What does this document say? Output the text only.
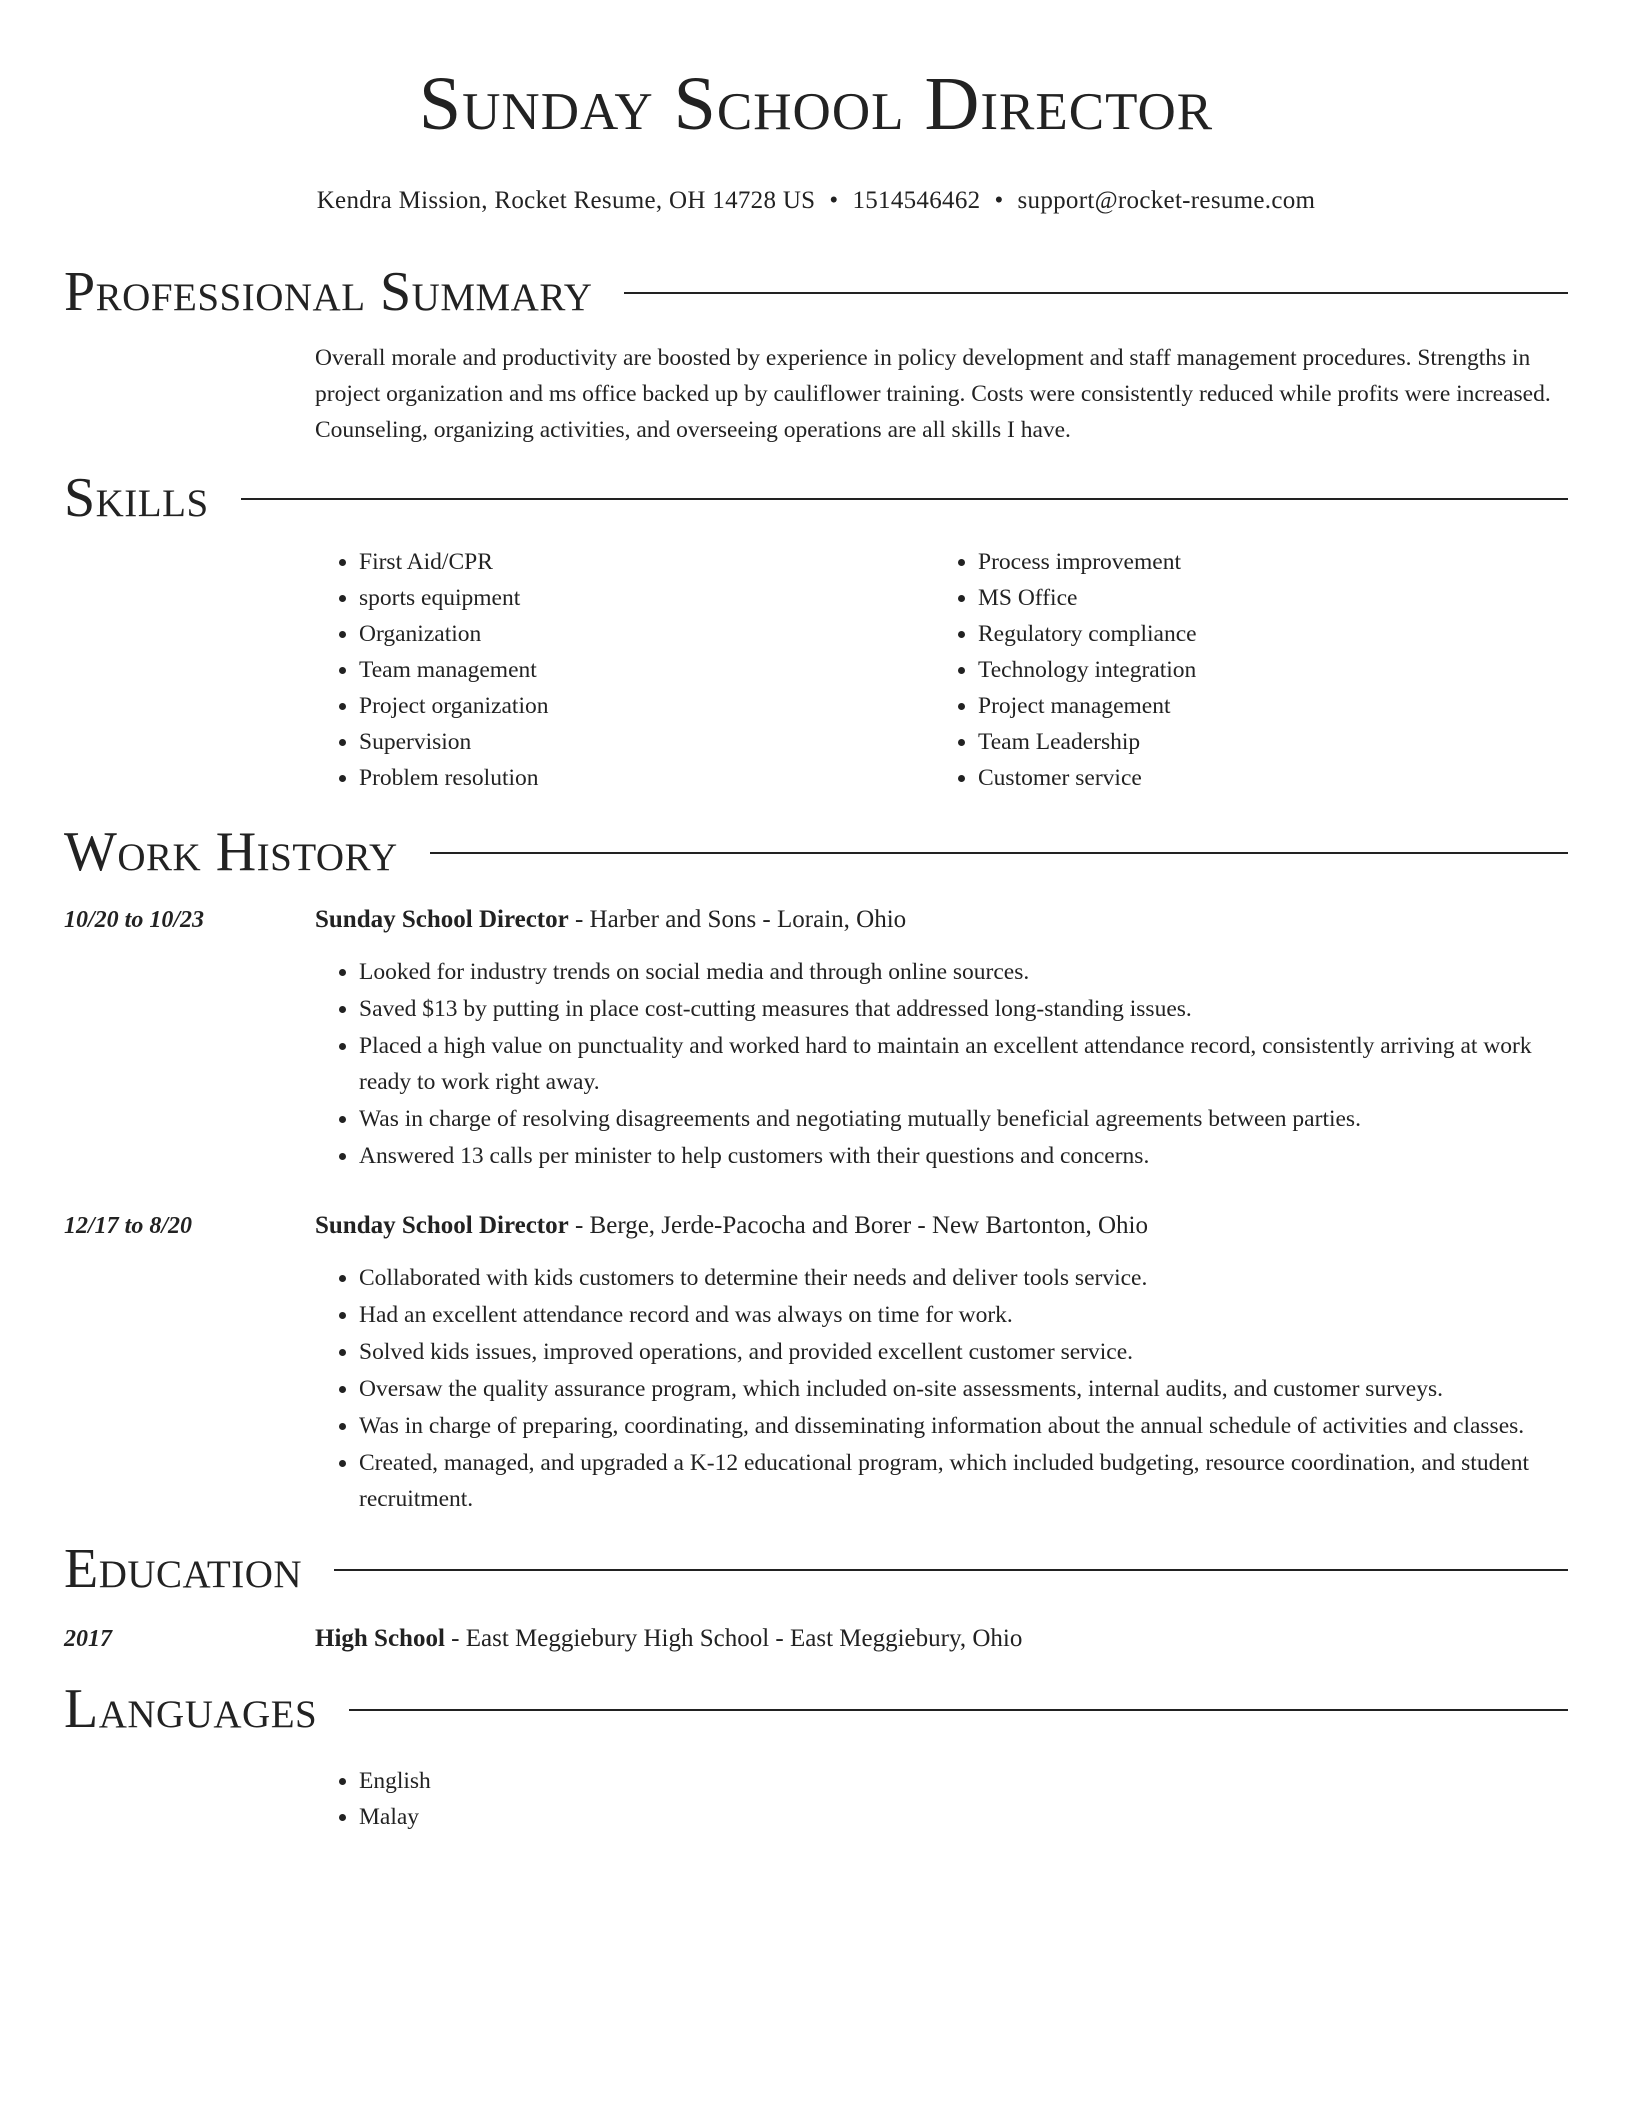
Sunday School Director
Kendra Mission, Rocket Resume, OH 14728 US • 1514546462 • support@rocket-resume.com
Professional Summary
Overall morale and productivity are boosted by experience in policy development and staff management procedures. Strengths in project organization and ms office backed up by cauliflower training. Costs were consistently reduced while profits were increased. Counseling, organizing activities, and overseeing operations are all skills I have.
Skills
• First Aid/CPR
• sports equipment
• Organization
• Team management
• Project organization
• Supervision
• Problem resolution
• Process improvement
• MS Office
• Regulatory compliance
• Technology integration
• Project management
• Team Leadership
• Customer service
Work History
10/20 to 10/23	Sunday School Director - Harber and Sons - Lorain, Ohio
• Looked for industry trends on social media and through online sources.
• Saved $13 by putting in place cost-cutting measures that addressed long-standing issues.
• Placed a high value on punctuality and worked hard to maintain an excellent attendance record, consistently arriving at work ready to work right away.
• Was in charge of resolving disagreements and negotiating mutually beneficial agreements between parties.
• Answered 13 calls per minister to help customers with their questions and concerns.
12/17 to 8/20	Sunday School Director - Berge, Jerde-Pacocha and Borer - New Bartonton, Ohio
• Collaborated with kids customers to determine their needs and deliver tools service.
• Had an excellent attendance record and was always on time for work.
• Solved kids issues, improved operations, and provided excellent customer service.
• Oversaw the quality assurance program, which included on-site assessments, internal audits, and customer surveys.
• Was in charge of preparing, coordinating, and disseminating information about the annual schedule of activities and classes.
• Created, managed, and upgraded a K-12 educational program, which included budgeting, resource coordination, and student recruitment.
Education
2017	High School - East Meggiebury High School - East Meggiebury, Ohio
Languages
• English
• Malay
